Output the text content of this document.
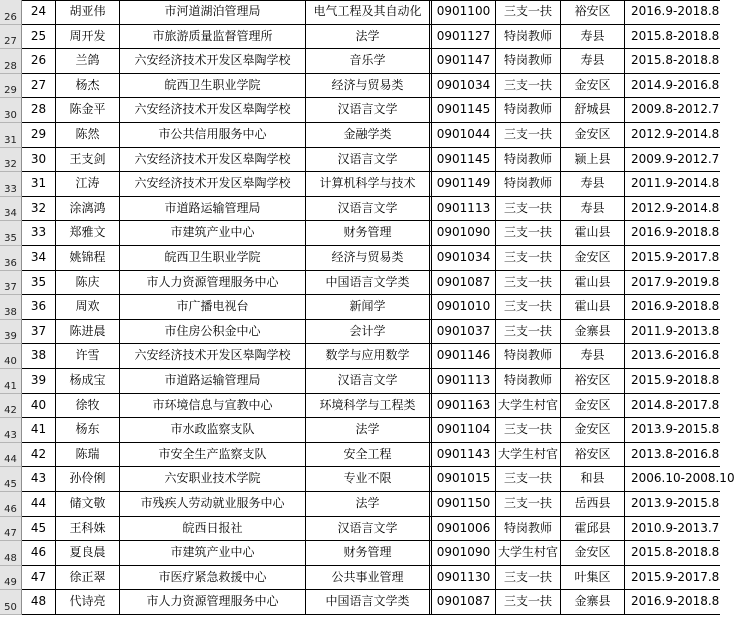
26	24	胡亚伟	市河道湖泊管理局	电气工程及其自动化	0901100	三支一扶	裕安区	2016.9-2018.8
27	25	周开发	市旅游质量监督管理所	法学	0901127	特岗教师	寿县	2015.8-2018.8
28	26	兰鸽	六安经济技术开发区皋陶学校	音乐学	0901147	特岗教师	寿县	2015.8-2018.8
29	27	杨杰	皖西卫生职业学院	经济与贸易类	0901034	三支一扶	金安区	2014.9-2016.8
30	28	陈金平	六安经济技术开发区皋陶学校	汉语言文学	0901145	特岗教师	舒城县	2009.8-2012.7
31	29	陈然	市公共信用服务中心	金融学类	0901044	三支一扶	金安区	2012.9-2014.8
32	30	王支剑	六安经济技术开发区皋陶学校	汉语言文学	0901145	特岗教师	颍上县	2009.9-2012.7
33	31	江涛	六安经济技术开发区皋陶学校	计算机科学与技术	0901149	特岗教师	寿县	2011.9-2014.8
34	32	涂漓鸿	市道路运输管理局	汉语言文学	0901113	三支一扶	寿县	2012.9-2014.8
35	33	郑雅文	市建筑产业中心	财务管理	0901090	三支一扶	霍山县	2016.9-2018.8
36	34	姚锦程	皖西卫生职业学院	经济与贸易类	0901034	三支一扶	金安区	2015.9-2017.8
37	35	陈庆	市人力资源管理服务中心	中国语言文学类	0901087	三支一扶	霍山县	2017.9-2019.8
38	36	周欢	市广播电视台	新闻学	0901010	三支一扶	霍山县	2016.9-2018.8
39	37	陈进晨	市住房公积金中心	会计学	0901037	三支一扶	金寨县	2011.9-2013.8
40	38	许雪	六安经济技术开发区皋陶学校	数学与应用数学	0901146	特岗教师	寿县	2013.6-2016.8
41	39	杨成宝	市道路运输管理局	汉语言文学	0901113	特岗教师	裕安区	2015.9-2018.8
42	40	徐牧	市环境信息与宣教中心	环境科学与工程类	0901163 大学生村官	金安区	2014.8-2017.8
43	41	杨东	市水政监察支队	法学	0901104	三支一扶	金安区	2013.9-2015.8
44	42	陈瑞	市安全生产监察支队	安全工程	0901143 大学生村官	裕安区	2013.8-2016.8
45	43	孙伶俐	六安职业技术学院	专业不限	0901015	三支一扶	和县	2006.10-2008.10
46	44	储文敬	市残疾人劳动就业服务中心	法学	0901150	三支一扶	岳西县	2013.9-2015.8
47	45	王科姝	皖西日报社	汉语言文学	0901006	特岗教师	霍邱县	2010.9-2013.7
48	46	夏良晨	市建筑产业中心	财务管理	0901090 大学生村官	金安区	2015.8-2018.8
49	47	徐正翠	市医疗紧急救援中心	公共事业管理	0901130	三支一扶	叶集区	2015.9-2017.8
50	48	代诗亮	市人力资源管理服务中心	中国语言文学类	0901087	三支一扶	金寨县	2016.9-2018.8
